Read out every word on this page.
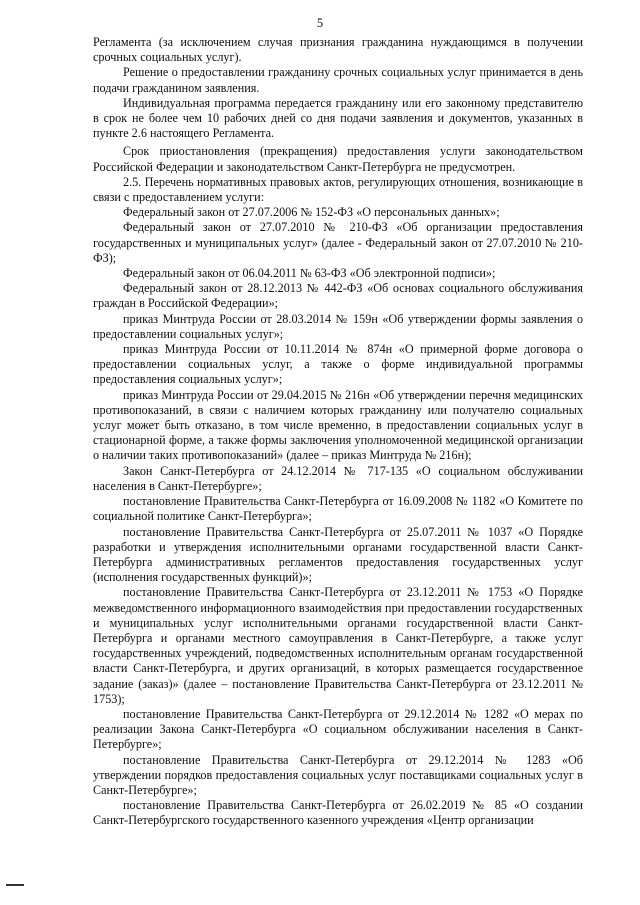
5

Регламента (за исключением случая признания гражданина нуждающимся в получении срочных социальных услуг).

Решение о предоставлении гражданину срочных социальных услуг принимается в день подачи гражданином заявления.

Индивидуальная программа передается гражданину или его законному представителю в срок не более чем 10 рабочих дней со дня подачи заявления и документов, указанных в пункте 2.6 настоящего Регламента.

Срок приостановления (прекращения) предоставления услуги законодательством Российской Федерации и законодательством Санкт-Петербурга не предусмотрен.

2.5. Перечень нормативных правовых актов, регулирующих отношения, возникающие в связи с предоставлением услуги:

Федеральный закон от 27.07.2006 № 152-ФЗ «О персональных данных»;

Федеральный закон от 27.07.2010 № 210-ФЗ «Об организации предоставления государственных и муниципальных услуг» (далее - Федеральный закон от 27.07.2010 № 210-ФЗ);

Федеральный закон от 06.04.2011 № 63-ФЗ «Об электронной подписи»;

Федеральный закон от 28.12.2013 № 442-ФЗ «Об основах социального обслуживания граждан в Российской Федерации»;

приказ Минтруда России от 28.03.2014 № 159н «Об утверждении формы заявления о предоставлении социальных услуг»;

приказ Минтруда России от 10.11.2014 № 874н «О примерной форме договора о предоставлении социальных услуг, а также о форме индивидуальной программы предоставления социальных услуг»;

приказ Минтруда России от 29.04.2015 № 216н «Об утверждении перечня медицинских противопоказаний, в связи с наличием которых гражданину или получателю социальных услуг может быть отказано, в том числе временно, в предоставлении социальных услуг в стационарной форме, а также формы заключения уполномоченной медицинской организации о наличии таких противопоказаний» (далее – приказ Минтруда № 216н);

Закон Санкт-Петербурга от 24.12.2014 № 717-135 «О социальном обслуживании населения в Санкт-Петербурге»;

постановление Правительства Санкт-Петербурга от 16.09.2008 № 1182 «О Комитете по социальной политике Санкт-Петербурга»;

постановление Правительства Санкт-Петербурга от 25.07.2011 № 1037 «О Порядке разработки и утверждения исполнительными органами государственной власти Санкт-Петербурга административных регламентов предоставления государственных услуг (исполнения государственных функций)»;

постановление Правительства Санкт-Петербурга от 23.12.2011 № 1753 «О Порядке межведомственного информационного взаимодействия при предоставлении государственных и муниципальных услуг исполнительными органами государственной власти Санкт-Петербурга и органами местного самоуправления в Санкт-Петербурге, а также услуг государственных учреждений, подведомственных исполнительным органам государственной власти Санкт-Петербурга, и других организаций, в которых размещается государственное задание (заказ)» (далее – постановление Правительства Санкт-Петербурга от 23.12.2011 № 1753);

постановление Правительства Санкт-Петербурга от 29.12.2014 № 1282 «О мерах по реализации Закона Санкт-Петербурга «О социальном обслуживании населения в Санкт-Петербурге»;

постановление Правительства Санкт-Петербурга от 29.12.2014 № 1283 «Об утверждении порядков предоставления социальных услуг поставщиками социальных услуг в Санкт-Петербурге»;

постановление Правительства Санкт-Петербурга от 26.02.2019 № 85 «О создании Санкт-Петербургского государственного казенного учреждения «Центр организации
